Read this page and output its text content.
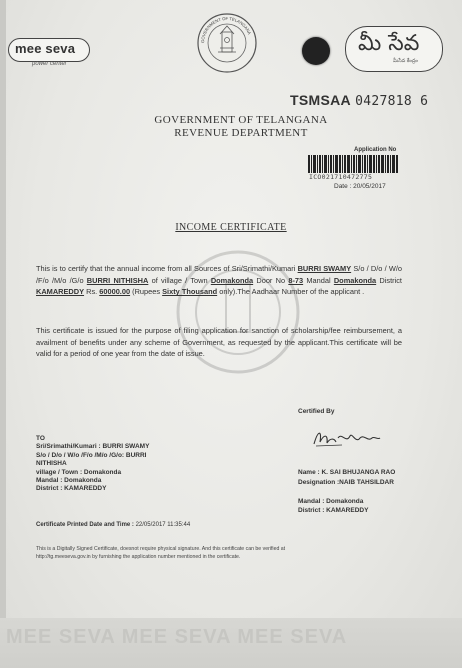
mee seva
power center
GOVERNMENT OF TELANGANA	మీ సేవ
మీసేవ కేంద్రం
TSMSAA 0427818 6
GOVERNMENT OF TELANGANA
REVENUE DEPARTMENT
Application No
ICO021710472775
Date : 20/05/2017
INCOME CERTIFICATE
This is to certify that the annual income from all Sources of Sri/Srimathi/Kumari BURRI SWAMY S/o / D/o / W/o /F/o /M/o /G/o BURRI NITHISHA of village / Town Domakonda Door No 8-73 Mandal Domakonda District KAMAREDDY Rs. 60000.00 (Rupees Sixty Thousand only).The Aadhaar Number of the applicant .
This certificate is issued for the purpose of filing application for sanction of scholarship/fee reimbursement, a availment of benefits under any scheme of Government, as requested by the applicant.This certificate will be valid for a period of one year from the date of issue.
Certified By
TO
Sri/Srimathi/Kumari : BURRI SWAMY
S/o / D/o / W/o /F/o /M/o /G/o: BURRI
NITHISHA
village / Town : Domakonda
Mandal : Domakonda
District : KAMAREDDY
Name : K. SAI BHUJANGA RAO
Designation :NAIB TAHSILDAR
Mandal : Domakonda
District : KAMAREDDY
Certificate Printed Date and Time : 22/05/2017 11:35:44
This is a Digitally Signed Certificate, doesnot require physical signature. And this certificate can be verified at
http://tg.meeseva.gov.in by furnishing the application number mentioned in the certificate.
MEE SEVA MEE SEVA MEE SEVA
